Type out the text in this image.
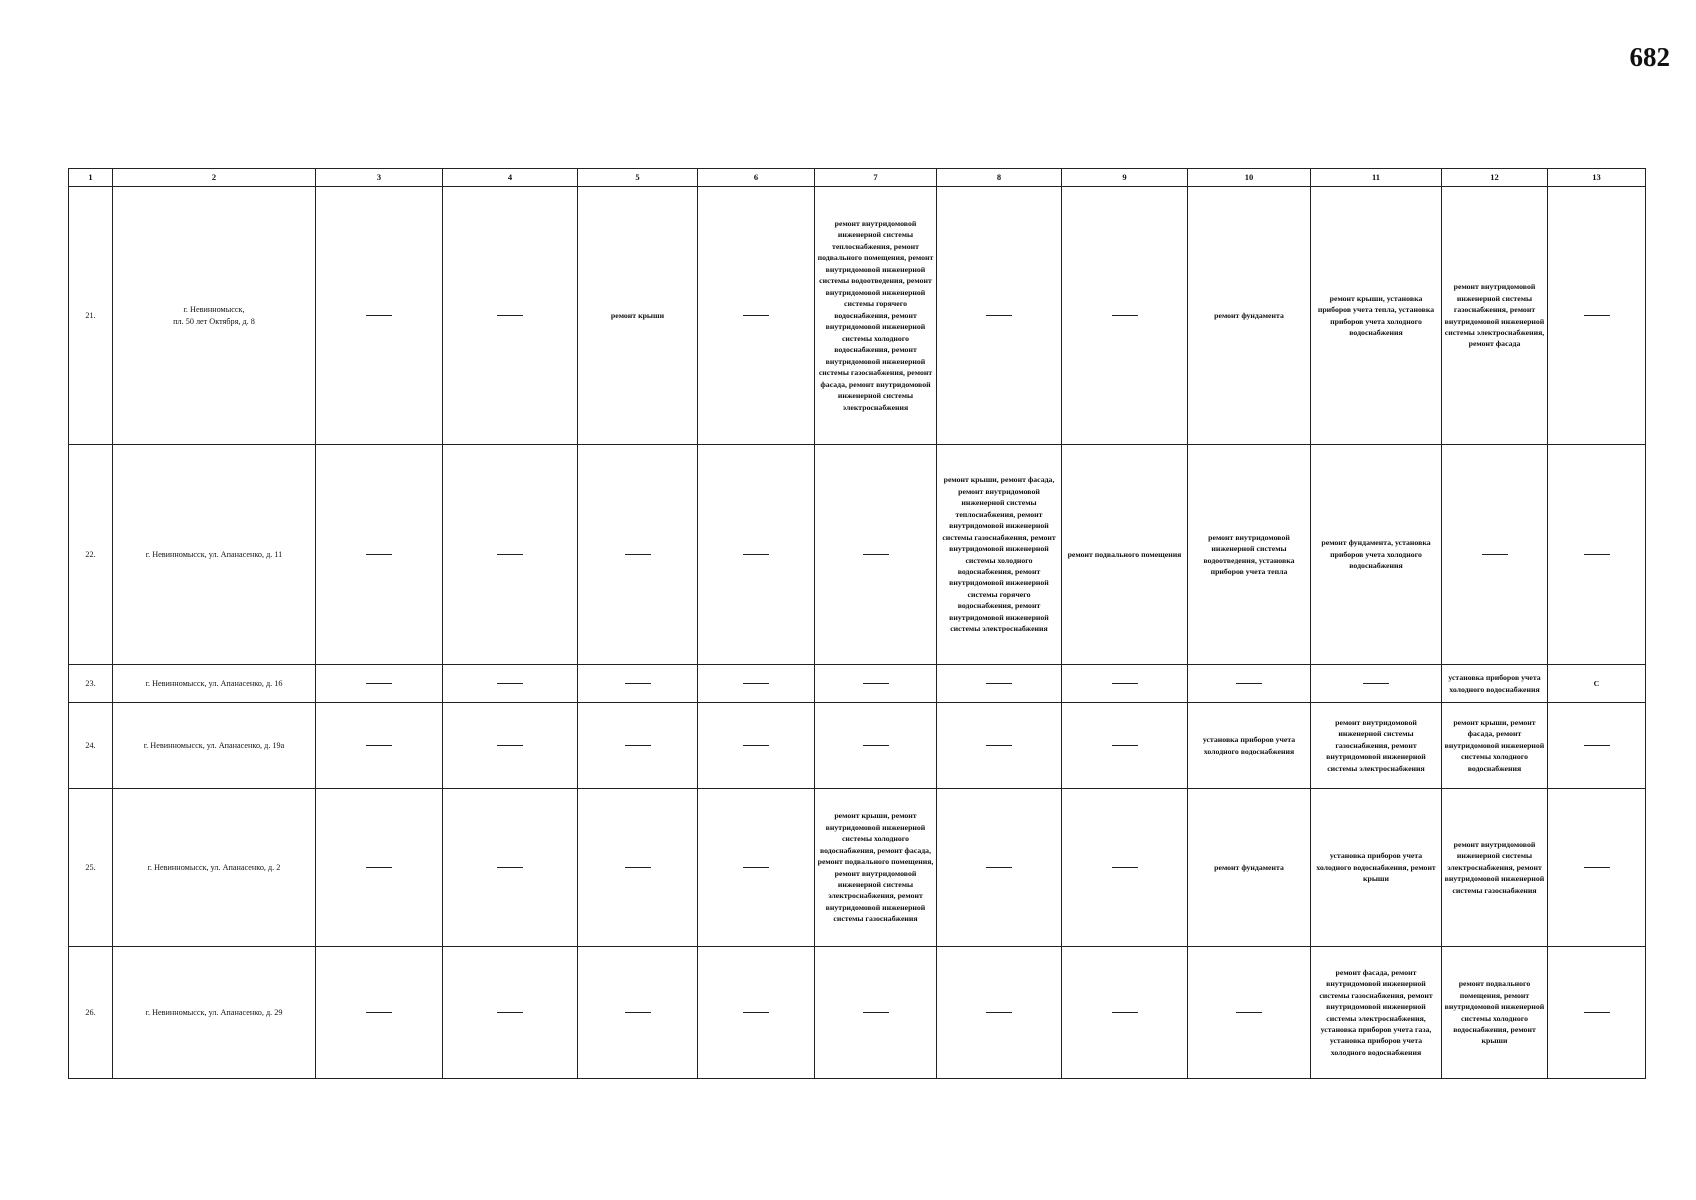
682
1	2	3	4	5	6	7	8	9	10	11	12	13
21.	г. Невинномысск,
пл. 50 лет Октября, д. 8			ремонт крыши		ремонт внутридомовой инженерной системы теплоснабжения, ремонт подвального помещения, ремонт внутридомовой инженерной системы водоотведения, ремонт внутридомовой инженерной системы горячего водоснабжения, ремонт внутридомовой инженерной системы холодного водоснабжения, ремонт внутридомовой инженерной системы газоснабжения, ремонт фасада, ремонт внутридомовой инженерной системы электроснабжения			ремонт фундамента	ремонт крыши, установка приборов учета тепла, установка приборов учета холодного водоснабжения	ремонт внутридомовой инженерной системы газоснабжения, ремонт внутридомовой инженерной системы электроснабжения, ремонт фасада	
22.	г. Невинномысск, ул. Апанасенко, д. 11						ремонт крыши, ремонт фасада, ремонт внутридомовой инженерной системы теплоснабжения, ремонт внутридомовой инженерной системы газоснабжения, ремонт внутридомовой инженерной системы холодного водоснабжения, ремонт внутридомовой инженерной системы горячего водоснабжения, ремонт внутридомовой инженерной системы электроснабжения	ремонт подвального помещения	ремонт внутридомовой инженерной системы водоотведения, установка приборов учета тепла	ремонт фундамента, установка приборов учета холодного водоснабжения		
23.	г. Невинномысск, ул. Апанасенко, д. 16										установка приборов учета холодного водоснабжения	С
24.	г. Невинномысск, ул. Апанасенко, д. 19а								установка приборов учета холодного водоснабжения	ремонт внутридомовой инженерной системы газоснабжения, ремонт внутридомовой инженерной системы электроснабжения	ремонт крыши, ремонт фасада, ремонт внутридомовой инженерной системы холодного водоснабжения	
25.	г. Невинномысск, ул. Апанасенко, д. 2					ремонт крыши, ремонт внутридомовой инженерной системы холодного водоснабжения, ремонт фасада, ремонт подвального помещения, ремонт внутридомовой инженерной системы электроснабжения, ремонт внутридомовой инженерной системы газоснабжения			ремонт фундамента	установка приборов учета холодного водоснабжения, ремонт крыши	ремонт внутридомовой инженерной системы электроснабжения, ремонт внутридомовой инженерной системы газоснабжения	
26.	г. Невинномысск, ул. Апанасенко, д. 29									ремонт фасада, ремонт внутридомовой инженерной системы газоснабжения, ремонт внутридомовой инженерной системы электроснабжения, установка приборов учета газа, установка приборов учета холодного водоснабжения	ремонт подвального помещения, ремонт внутридомовой инженерной системы холодного водоснабжения, ремонт крыши	
